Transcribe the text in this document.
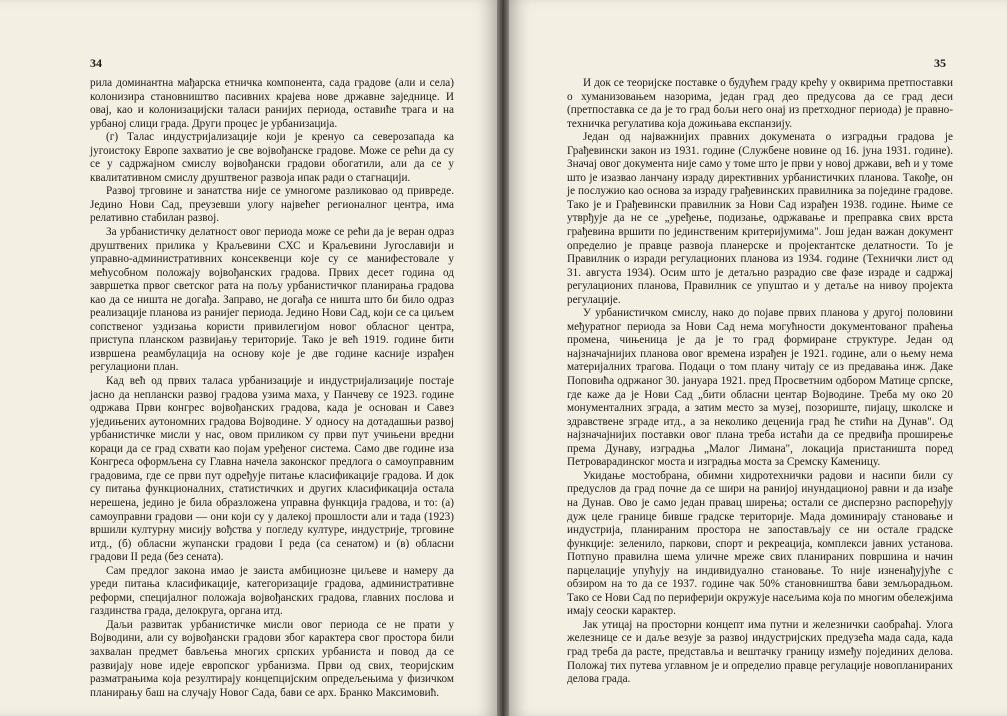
34

рила доминантна мађарска етничка компонента, сада градове (али и села) колонизира становништво пасивних крајева нове државне заједнице. И овај, као и колонизацијски таласи ранијих периода, оставиће трага и на урбаној слици града. Други процес је урбанизација.

(г) Талас индустријализације који је кренуо са северозапада ка југоистоку Европе захватио је све војвођанске градове. Може се рећи да су се у садржајном смислу војвођански градови обогатили, али да се у квалитативном смислу друштвеног развоја ипак ради о стагнацији.

Развој трговине и занатства није се умногоме разликовао од привреде. Једино Нови Сад, преузевши улогу највећег регионалног центра, има релативно стабилан развој.

За урбанистичку делатност овог периода може се рећи да је веран одраз друштвених прилика у Краљевини СХС и Краљевини Југославији и управно-административних консеквенци које су се манифестовале у мећусобном положају војвођанских градова. Првих десет година од завршетка првог светског рата на пољу урбанистичког планирања градова као да се ништа не догађа. Заправо, не догађа се ништа што би било одраз реализације планова из ранијег периода. Једино Нови Сад, који се са циљем сопственог уздизања користи привилегијом новог обласног центра, приступа планском развијању територије. Тако је већ 1919. године бити извршена реамбулација на основу које је две године касније израђен регулациони план.

Кад већ од првих таласа урбанизације и индустријализације постаје јасно да неплански развој градова узима маха, у Панчеву се 1923. године одржава Први конгрес војвођанских градова, када је основан и Савез уједињених аутономних градова Војводине. У односу на дотадашњи развој урбанистичке мисли у нас, овом приликом су први пут учињени вредни кораци да се град схвати као појам уређеног система. Само две године иза Конгреса оформљена су Главна начела законског предлога о самоуправним градовима, где се први пут одређује питање класификације градова. И док су питања функционалних, статистичких и других класификација остала нерешена, једино је била образложена управна функција градова, и то: (а) самоуправни градови — они који су у далекој прошлости али и тада (1923) вршили културну мисију вођства у погледу културе, индустрије, трговине итд., (б) обласни жупански градови I реда (са сенатом) и (в) обласни градови II реда (без сената).

Сам предлог закона имао је заиста амбициозне циљеве и намеру да уреди питања класификације, категоризације градова, административне реформи, специјалног положаја војвођанских градова, главних послова и газдинства града, делокруга, органа итд.

Даљи развитак урбанистичке мисли овог периода се не прати у Војводини, али су војвођански градови због карактера свог простора били захвалан предмет бављења многих српских урбаниста и повод да се развијају нове идеје европског урбанизма. Први од свих, теоријским разматрањима која резултирају концепцијским опредељењима у физичком планирању баш на случају Новог Сада, бави се арх. Бранко Максимовић.

35

И док се теоријске поставке о будућем граду крећу у оквирима претпоставки о хуманизовањем назорима, један град део предусова да се град деси (претпоставка се да је то град бољи него онај из претходног периода) је правно-техничка регулатива која дожињава експанзију.

Један од најважнијих правних докумената о изградњи градова је Грађевински закон из 1931. године (Службене новине од 16. јуна 1931. године). Значај овог документа није само у томе што је први у новој држави, већ и у томе што је изазвао ланчану израду директивних урбанистичких планова. Такође, он је послужио као основа за израду грађевинских правилника за поједине градове. Тако је и Грађевински правилник за Нови Сад израђен 1938. године. Њиме се утврђује да не се „уређење, подизање, одржавање и преправка свих врста грађевина вршити по јединственим критеријумима". Још један важан документ определио је правце развоја планерске и пројектантске делатности. То је Правилник о изради регулационих планова из 1934. године (Технички лист од 31. августа 1934). Осим што је детаљно разрадио све фазе израде и садржај регулационих планова, Правилник се упуштао и у детаље на нивоу пројекта регулације.

У урбанистичком смислу, нако до појаве првих планова у другој половини међуратног периода за Нови Сад нема могућности документованог праћења промена, чињеница је да је то град формиране структуре. Један од најзначајнијих планова овог времена израђен је 1921. године, али о њему нема материјалних трагова. Подаци о том плану читају се из предавања инж. Даке Поповића одржаног 30. јануара 1921. пред Просветним одбором Матице српске, где каже да је Нови Сад „бити обласни центар Војводине. Треба му око 20 монументалних зграда, а затим место за музеј, позориште, пијацу, школске и здравствене зграде итд., а за неколико деценија град ће стићи на Дунав". Од најзначајнијих поставки овог плана треба истаћи да се предвиђа проширење према Дунаву, изградња „Малог Лимана", локација пристаништа поред Петроварадинског моста и изградња моста за Сремску Каменицу.

Укидање мостобрана, обимни хидротехнички радови и насипи били су предуслов да град почне да се шири на ранијој инундационој равни и да изађе на Дунав. Ово је само један правац ширења; остали се дисперзно распоређују дуж целе границе бивше градске територије. Мада доминирају становање и индустрија, планираним простора не запостављају се ни остале градске функције: зеленило, паркови, спорт и рекреација, комплекси јавних установа. Потпуно правилна шема уличне мреже свих планираних површина и начин парцелације упућују на индивидуално становање. То није изненађујуће с обзиром на то да се 1937. године чак 50% становништва бави земљорадњом. Тако се Нови Сад по периферији окружује насељима која по многим обележјима имају сеоски карактер.

Јак утицај на просторни концепт има путни и железнички саобраћај. Улога железнице се и даље везује за развој индустријских предузећа мада сада, када град треба да расте, представља и вештачку границу између појединих делова. Положај тих путева углавном је и определио правце регулације новопланираних делова града.
